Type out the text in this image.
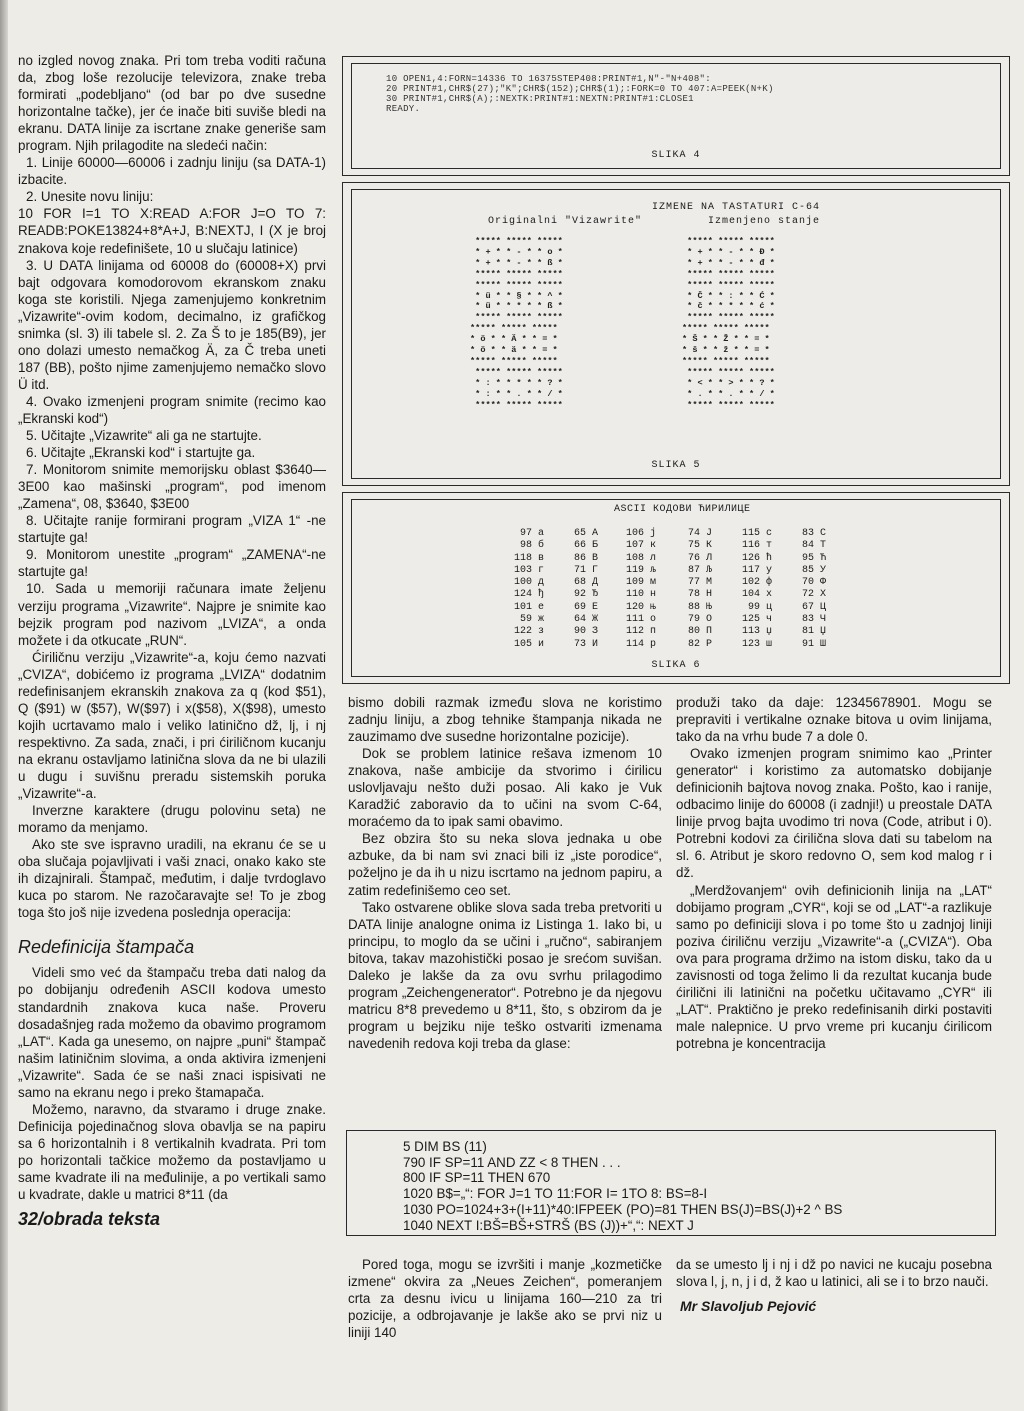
no izgled novog znaka. Pri tom treba voditi računa da, zbog loše rezolucije televizora, znake treba formirati „podebljano“ (od bar po dve susedne horizontalne tačke), jer će inače biti suviše bledi na ekranu. DATA linije za iscrtane znake generiše sam program. Njih prilagodite na sledeći način:

1. Linije 60000—60006 i zadnju liniju (sa DATA-1) izbacite.

2. Unesite novu liniju:

10 FOR I=1 TO X:READ A:FOR J=O TO 7: READB:POKE13824+8*A+J, B:NEXTJ, I (X je broj znakova koje redefinišete, 10 u slučaju latinice)

3. U DATA linijama od 60008 do (60008+X) prvi bajt odgovara komodorovom ekranskom znaku koga ste koristili. Njega zamenjujemo konkretnim „Vizawrite“-ovim kodom, decimalno, iz grafičkog snimka (sl. 3) ili tabele sl. 2. Za Š to je 185(B9), jer ono dolazi umesto nemačkog Ä, za Č treba uneti 187 (BB), pošto njime zamenjujemo nemačko slovo Ü itd.

4. Ovako izmenjeni program snimite (recimo kao „Ekranski kod“)

5. Učitajte „Vizawrite“ ali ga ne startujte.

6. Učitajte „Ekranski kod“ i startujte ga.

7. Monitorom snimite memorijsku oblast $3640—3E00 kao mašinski „program“, pod imenom „Zamena“, 08, $3640, $3E00

8. Učitajte ranije formirani program „VIZA 1“ -ne startujte ga!

9. Monitorom unestite „program“ „ZAMENA“-ne startujte ga!

10. Sada u memoriji računara imate željenu verziju programa „Vizawrite“. Najpre je snimite kao bejzik program pod nazivom „LVIZA“, a onda možete i da otkucate „RUN“.

Ćiriličnu verziju „Vizawrite“-a, koju ćemo nazvati „CVIZA“, dobićemo iz programa „LVIZA“ dodatnim redefinisanjem ekranskih znakova za q (kod $51), Q ($91) w ($57), W($97) i x($58), X($98), umesto kojih ucrtavamo malo i veliko latinično dž, lj, i nj respektivno. Za sada, znači, i pri ćiriličnom kucanju na ekranu ostavljamo latinična slova da ne bi ulazili u dugu i suvišnu preradu sistemskih poruka „Vizawrite“-a.

Inverzne karaktere (drugu polovinu seta) ne moramo da menjamo.

Ako ste sve ispravno uradili, na ekranu će se u oba slučaja pojavljivati i vaši znaci, onako kako ste ih dizajnirali. Štampač, međutim, i dalje tvrdoglavo kuca po starom. Ne razočaravajte se! To je zbog toga što još nije izvedena poslednja operacija:

Redefinicija štampača

Videli smo već da štampaču treba dati nalog da po dobijanju određenih ASCII kodova umesto standardnih znakova kuca naše. Proveru dosadašnjeg rada možemo da obavimo programom „LAT“. Kada ga unesemo, on najpre „puni“ štampač našim latiničnim slovima, a onda aktivira izmenjeni „Vizawrite“. Sada će se naši znaci ispisivati ne samo na ekranu nego i preko štamapača.

Možemo, naravno, da stvaramo i druge znake. Definicija pojedinačnog slova obavlja se na papiru sa 6 horizontalnih i 8 vertikalnih kvadrata. Pri tom po horizontali tačkice možemo da postavljamo u same kvadrate ili na međulinije, a po vertikali samo u kvadrate, dakle u matrici 8*11 (da

32/obrada teksta
10 OPEN1,4:FORN=14336 TO 16375STEP408:PRINT#1,N"-"N+408":
20 PRINT#1,CHR$(27);"K";CHR$(152);CHR$(1);:FORK=0 TO 407:A=PEEK(N+K)
30 PRINT#1,CHR$(A);:NEXTK:PRINT#1:NEXTN:PRINT#1:CLOSE1
READY.
SLIKA 4
IZMENE NA TASTATURI C-64
Originalni "Vizawrite"	Izmenjeno stanje
***** ***** *****
* + * * - * * o *
* + * * - * * ß *
***** ***** *****
***** ***** *****
* ü * * § * * ^ *
* ü * * * * * ß *
***** ***** *****
***** ***** *****
* ö * * Ä * * = *
* ö * * ä * * = *
***** ***** *****
***** ***** *****
* : * * * * * ? *
* : * * . * * / *
***** ***** *****
***** ***** *****
* + * * - * * Đ *
* + * * - * * đ *
***** ***** *****
***** ***** *****
* Č * * : * * Ć *
* č * * * * * ć *
***** ***** *****
***** ***** *****
* Š * * Ž * * = *
* š * * ž * * = *
***** ***** *****
***** ***** *****
* < * * > * * ? *
* . * * . * * / *
***** ***** *****
SLIKA 5
ASCII КОДОВИ ЋИРИЛИЦЕ
97 а	65 А	106 ј	74 Ј	115 с	83 С
98 б	66 Б	107 к	75 К	116 т	84 Т
118 в	86 В	108 л	76 Л	126 ћ	95 Ћ
103 г	71 Г	119 љ	87 Љ	117 у	85 У
100 д	68 Д	109 м	77 М	102 ф	70 Ф
124 ђ	92 Ђ	110 н	78 Н	104 х	72 Х
101 е	69 Е	120 њ	88 Њ	99 ц	67 Ц
59 ж	64 Ж	111 о	79 О	125 ч	83 Ч
122 з	90 З	112 п	80 П	113 џ	81 Џ
105 и	73 И	114 р	82 Р	123 ш	91 Ш
SLIKA 6

bismo dobili razmak između slova ne koristimo zadnju liniju, a zbog tehnike štampanja nikada ne zauzimamo dve susedne horizontalne pozicije).

Dok se problem latinice rešava izmenom 10 znakova, naše ambicije da stvorimo i ćirilicu uslovljavaju nešto duži posao. Ali kako je Vuk Karadžić zaboravio da to učini na svom C-64, moraćemo da to ipak sami obavimo.

Bez obzira što su neka slova jednaka u obe azbuke, da bi nam svi znaci bili iz „iste porodice“, poželjno je da ih u nizu iscrtamo na jednom papiru, a zatim redefinišemo ceo set.

Tako ostvarene oblike slova sada treba pretvoriti u DATA linije analogne onima iz Listinga 1. Iako bi, u principu, to moglo da se učini i „ručno“, sabiranjem bitova, takav mazohistički posao je srećom suvišan. Daleko je lakše da za ovu svrhu prilagodimo program „Zeichengenerator“. Potrebno je da njegovu matricu 8*8 prevedemo u 8*11, što, s obzirom da je program u bejziku nije teško ostvariti izmenama navedenih redova koji treba da glase:

produži tako da daje: 12345678901. Mogu se prepraviti i vertikalne oznake bitova u ovim linijama, tako da na vrhu bude 7 a dole 0.

Ovako izmenjen program snimimo kao „Printer generator“ i koristimo za automatsko dobijanje definicionih bajtova novog znaka. Pošto, kao i ranije, odbacimo linije do 60008 (i zadnji!) u preostale DATA linije prvog bajta uvodimo tri nova (Code, atribut i 0). Potrebni kodovi za ćirilična slova dati su tabelom na sl. 6. Atribut je skoro redovno O, sem kod malog r i dž.

„Merdžovanjem“ ovih definicionih linija na „LAT“ dobijamo program „CYR“, koji se od „LAT“-a razlikuje samo po definiciji slova i po tome što u zadnjoj liniji poziva ćiriličnu verziju „Vizawrite“-a („CVIZA“). Oba ova para programa držimo na istom disku, tako da u zavisnosti od toga želimo li da rezultat kucanja bude ćirilični ili latinični na početku učitavamo „CYR“ ili „LAT“. Praktično je preko redefinisanih dirki postaviti male nalepnice. U prvo vreme pri kucanju ćirilicom potrebna je koncentracija

5 DIM BS (11)
790 IF SP=11 AND ZZ < 8 THEN . . .
800 IF SP=11 THEN 670
1020 B$=„“: FOR J=1 TO 11:FOR I= 1TO 8: BS=8-I
1030 PO=1024+3+(I+11)*40:IFPEEK (PO)=81 THEN BS(J)=BS(J)+2 ^ BS
1040 NEXT I:BŠ=BŠ+STRŠ (BS (J))+“,“: NEXT J

Pored toga, mogu se izvršiti i manje „kozmetičke izmene“ okvira za „Neues Zeichen“, pomeranjem crta za desnu ivicu u linijama 160—210 za tri pozicije, a odbrojavanje je lakše ako se prvi niz u liniji 140

da se umesto lj i nj i dž po navici ne kucaju posebna slova l, j, n, j i d, ž kao u latinici, ali se i to brzo nauči.

Mr Slavoljub Pejović
